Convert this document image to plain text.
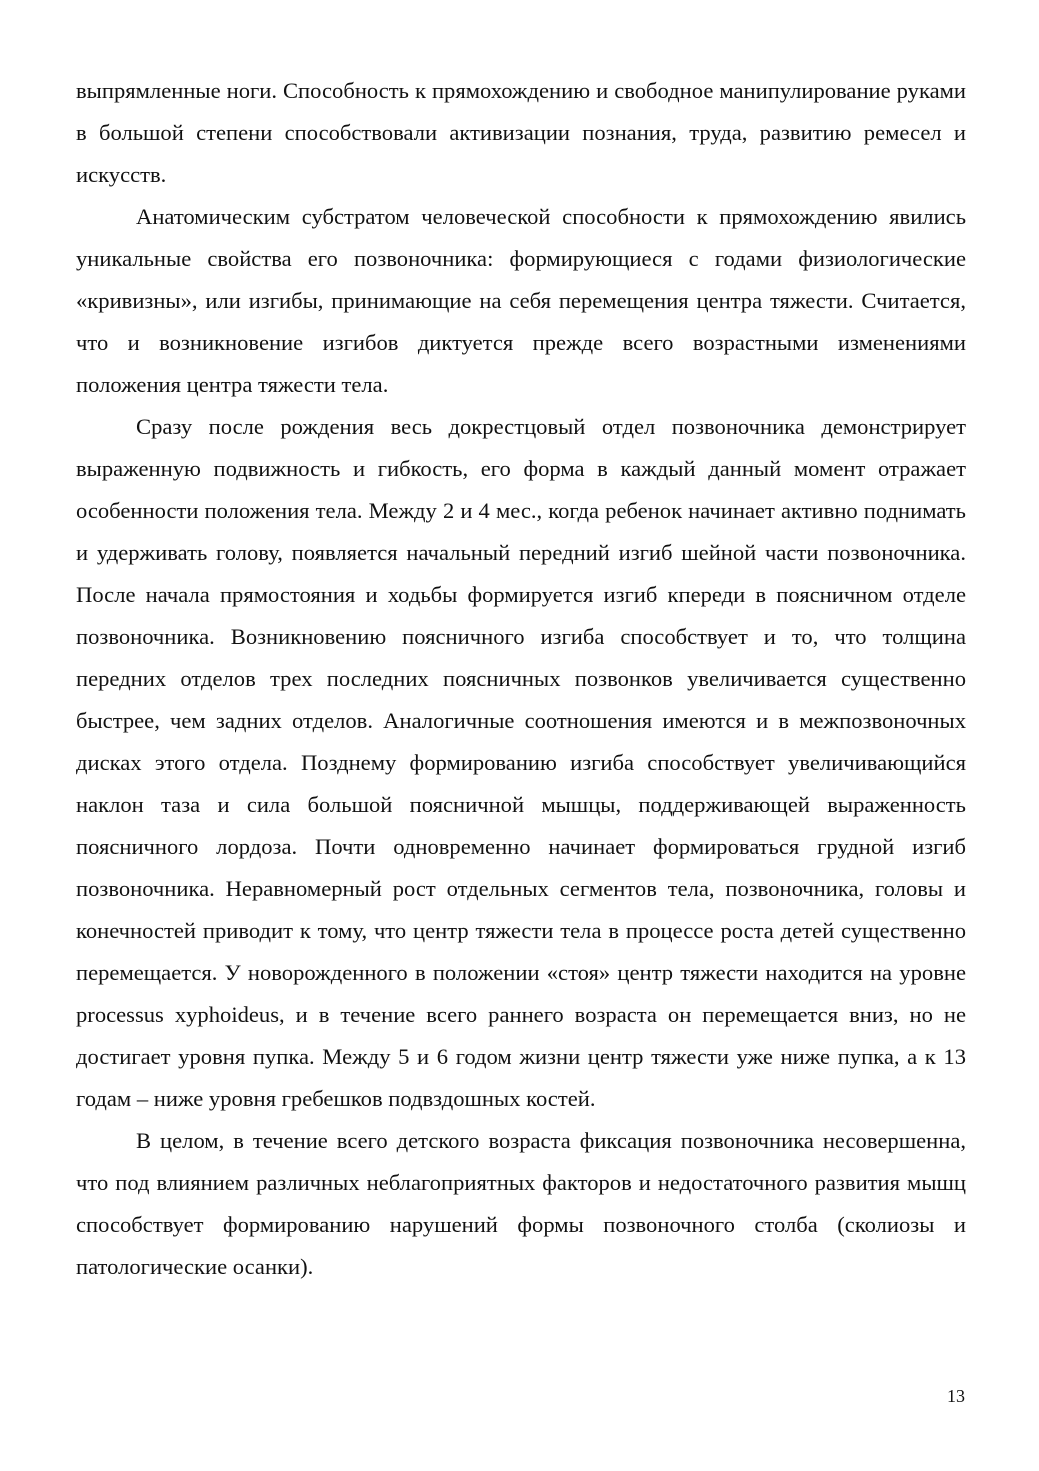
выпрямленные ноги. Способность к прямохождению и свободное манипулирование руками в большой степени способствовали активизации познания, труда, развитию ремесел и искусств.

Анатомическим субстратом человеческой способности к прямохождению явились уникальные свойства его позвоночника: формирующиеся с годами физиологические «кривизны», или изгибы, принимающие на себя перемещения центра тяжести. Считается, что и возникновение изгибов диктуется прежде всего возрастными изменениями положения центра тяжести тела.

Сразу после рождения весь докрестцовый отдел позвоночника демонстрирует выраженную подвижность и гибкость, его форма в каждый данный момент отражает особенности положения тела. Между 2 и 4 мес., когда ребенок начинает активно поднимать и удерживать голову, появляется начальный передний изгиб шейной части позвоночника. После начала прямостояния и ходьбы формируется изгиб кпереди в поясничном отделе позвоночника. Возникновению поясничного изгиба способствует и то, что толщина передних отделов трех последних поясничных позвонков увеличивается существенно быстрее, чем задних отделов. Аналогичные соотношения имеются и в межпозвоночных дисках этого отдела. Позднему формированию изгиба способствует увеличивающийся наклон таза и сила большой поясничной мышцы, поддерживающей выраженность поясничного лордоза. Почти одновременно начинает формироваться грудной изгиб позвоночника. Неравномерный рост отдельных сегментов тела, позвоночника, головы и конечностей приводит к тому, что центр тяжести тела в процессе роста детей существенно перемещается. У новорожденного в положении «стоя» центр тяжести находится на уровне processus xyphoideus, и в течение всего раннего возраста он перемещается вниз, но не достигает уровня пупка. Между 5 и 6 годом жизни центр тяжести уже ниже пупка, а к 13 годам – ниже уровня гребешков подвздошных костей.

В целом, в течение всего детского возраста фиксация позвоночника несовершенна, что под влиянием различных неблагоприятных факторов и недостаточного развития мышц способствует формированию нарушений формы позвоночного столба (сколиозы и патологические осанки).

13
